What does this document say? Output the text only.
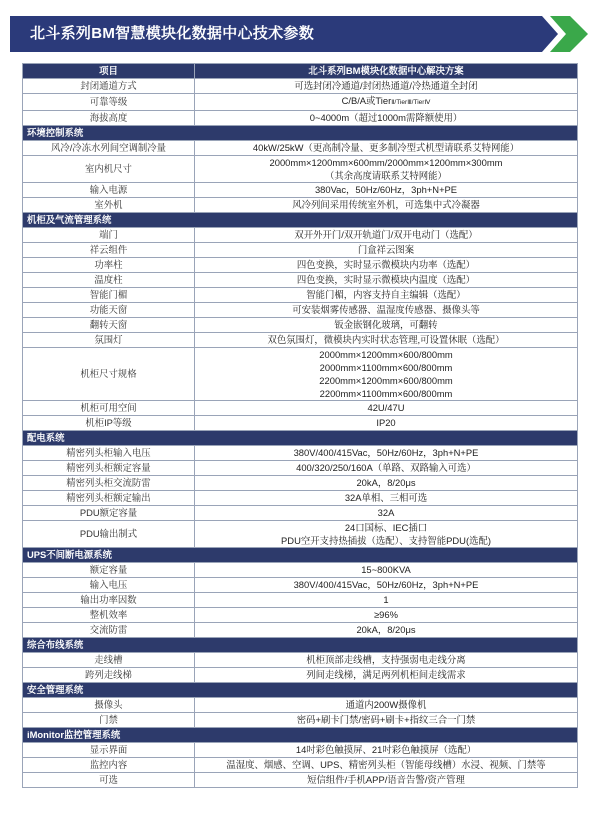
北斗系列BM智慧模块化数据中心技术参数
项目	北斗系列BM模块化数据中心解决方案
封闭通道方式	可选封闭冷通道/封闭热通道/冷热通道全封闭
可靠等级	C/B/A或TierⅡ/TierⅢ/TierⅣ
海拔高度	0~4000m（超过1000m需降额使用）
环境控制系统	
风冷/冷冻水列间空调制冷量	40kW/25kW（更高制冷量、更多制冷型式机型请联系艾特网能）

室内机尺寸	2000mm×1200mm×600mm/2000mm×1200mm×300mm
（其余高度请联系艾特网能）

输入电源	380Vac，50Hz/60Hz，3ph+N+PE

室外机	风冷列间采用传统室外机，可选集中式冷凝器

机柜及气流管理系统	
端门	双开外开门/双开轨道门/双开电动门（选配）

祥云组件	门盒祥云图案

功率柱	四色变换，实时显示微模块内功率（选配）

温度柱	四色变换，实时显示微模块内温度（选配）

智能门楣	智能门楣，内容支持自主编辑（选配）

功能天窗	可安装烟雾传感器、温湿度传感器、摄像头等

翻转天窗	钣金嵌钢化玻璃，可翻转

氛围灯	双色氛围灯，微模块内实时状态管理,可设置休眠（选配）

机柜尺寸规格	2000mm×1200mm×600/800mm
2000mm×1100mm×600/800mm
2200mm×1200mm×600/800mm
2200mm×1100mm×600/800mm

机柜可用空间	42U/47U

机柜IP等级	IP20

配电系统	
精密列头柜输入电压	380V/400/415Vac，50Hz/60Hz，3ph+N+PE

精密列头柜额定容量	400/320/250/160A（单路、双路输入可选）

精密列头柜交流防雷	20kA，8/20μs

精密列头柜额定输出	32A单相、三相可选

PDU额定容量	32A

PDU输出制式	24口国标、IEC插口
PDU空开支持热插拔（选配）、支持智能PDU(选配)

UPS不间断电源系统	
额定容量	15~800KVA

输入电压	380V/400/415Vac，50Hz/60Hz，3ph+N+PE

输出功率因数	1

整机效率	≥96%

交流防雷	20kA，8/20μs

综合布线系统	
走线槽	机柜顶部走线槽，支持强弱电走线分离

跨列走线梯	列间走线梯，满足两列机柜间走线需求

安全管理系统	
摄像头	通道内200W摄像机

门禁	密码+刷卡门禁/密码+刷卡+指纹三合一门禁

iMonitor监控管理系统	
显示界面	14吋彩色触摸屏、21吋彩色触摸屏（选配）

监控内容	温湿度、烟感、空调、UPS、精密列头柜（智能母线槽）水浸、视频、门禁等

可选	短信组件/手机APP/语音告警/资产管理
